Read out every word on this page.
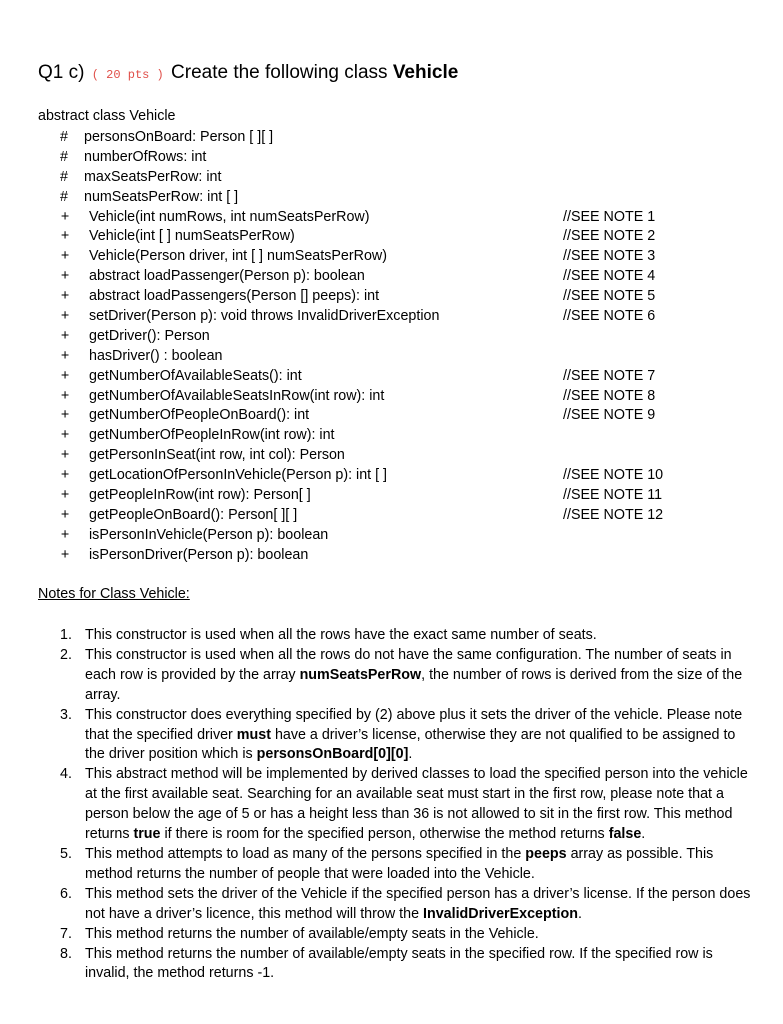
Q1 c) ( 20 pts ) Create the following class Vehicle
abstract class Vehicle
# personsOnBoard: Person [ ][ ]
# numberOfRows: int
# maxSeatsPerRow: int
# numSeatsPerRow: int [ ]
+ Vehicle(int numRows, int numSeatsPerRow)	//SEE NOTE 1
+ Vehicle(int [ ] numSeatsPerRow)	//SEE NOTE 2
+ Vehicle(Person driver, int [ ] numSeatsPerRow)	//SEE NOTE 3
+ abstract loadPassenger(Person p): boolean	//SEE NOTE 4
+ abstract loadPassengers(Person [] peeps): int	//SEE NOTE 5
+ setDriver(Person p): void throws InvalidDriverException	//SEE NOTE 6
+ getDriver(): Person
+ hasDriver() : boolean
+ getNumberOfAvailableSeats(): int	//SEE NOTE 7
+ getNumberOfAvailableSeatsInRow(int row): int	//SEE NOTE 8
+ getNumberOfPeopleOnBoard(): int	//SEE NOTE 9
+ getNumberOfPeopleInRow(int row): int
+ getPersonInSeat(int row, int col): Person
+ getLocationOfPersonInVehicle(Person p): int [ ]	//SEE NOTE 10
+ getPeopleInRow(int row): Person[ ]	//SEE NOTE 11
+ getPeopleOnBoard(): Person[ ][ ]	//SEE NOTE 12
+ isPersonInVehicle(Person p): boolean
+ isPersonDriver(Person p): boolean
Notes for Class Vehicle:
1. This constructor is used when all the rows have the exact same number of seats.
2. This constructor is used when all the rows do not have the same configuration. The number of seats in each row is provided by the array numSeatsPerRow, the number of rows is derived from the size of the array.
3. This constructor does everything specified by (2) above plus it sets the driver of the vehicle. Please note that the specified driver must have a driver’s license, otherwise they are not qualified to be assigned to the driver position which is personsOnBoard[0][0].
4. This abstract method will be implemented by derived classes to load the specified person into the vehicle at the first available seat. Searching for an available seat must start in the first row, please note that a person below the age of 5 or has a height less than 36 is not allowed to sit in the first row. This method returns true if there is room for the specified person, otherwise the method returns false.
5. This method attempts to load as many of the persons specified in the peeps array as possible. This method returns the number of people that were loaded into the Vehicle.
6. This method sets the driver of the Vehicle if the specified person has a driver’s license. If the person does not have a driver’s licence, this method will throw the InvalidDriverException.
7. This method returns the number of available/empty seats in the Vehicle.
8. This method returns the number of available/empty seats in the specified row. If the specified row is invalid, the method returns -1.
